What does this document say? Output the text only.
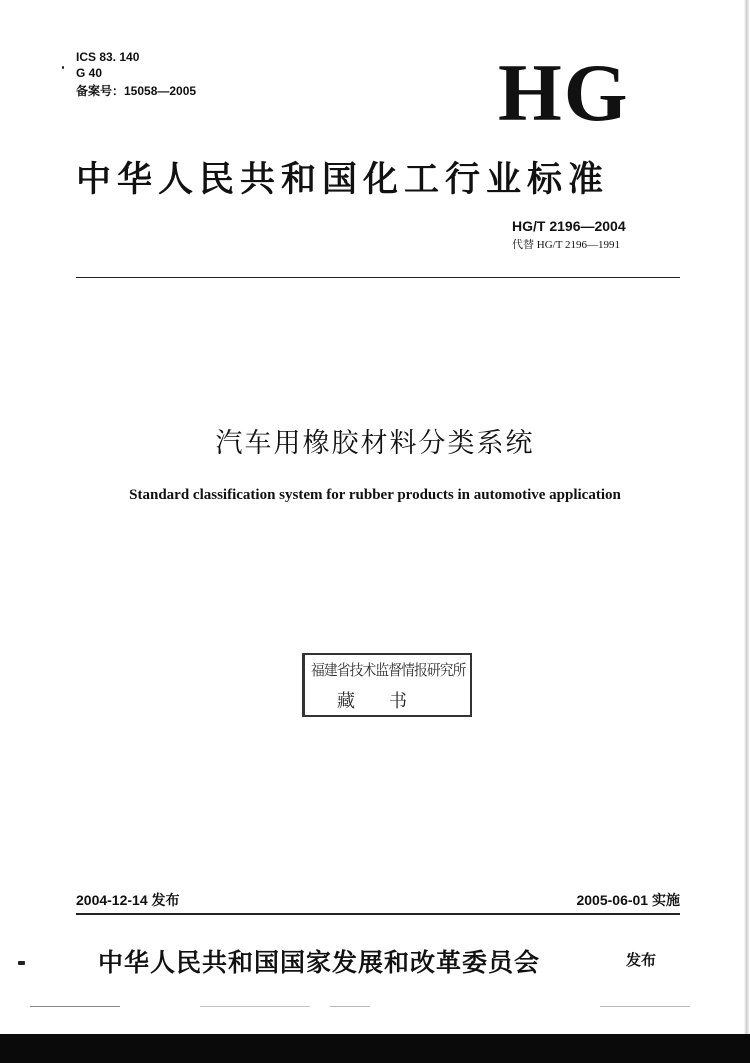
ICS 83. 140
G 40
备案号：15058—2005	HG
中华人民共和国化工行业标准
HG/T 2196—2004
代替 HG/T 2196—1991
汽车用橡胶材料分类系统
Standard classification system for rubber products in automotive application
福建省技术监督情报研究所
藏书
2004-12-14 发布	2005-06-01 实施
中华人民共和国国家发展和改革委员会	发布
